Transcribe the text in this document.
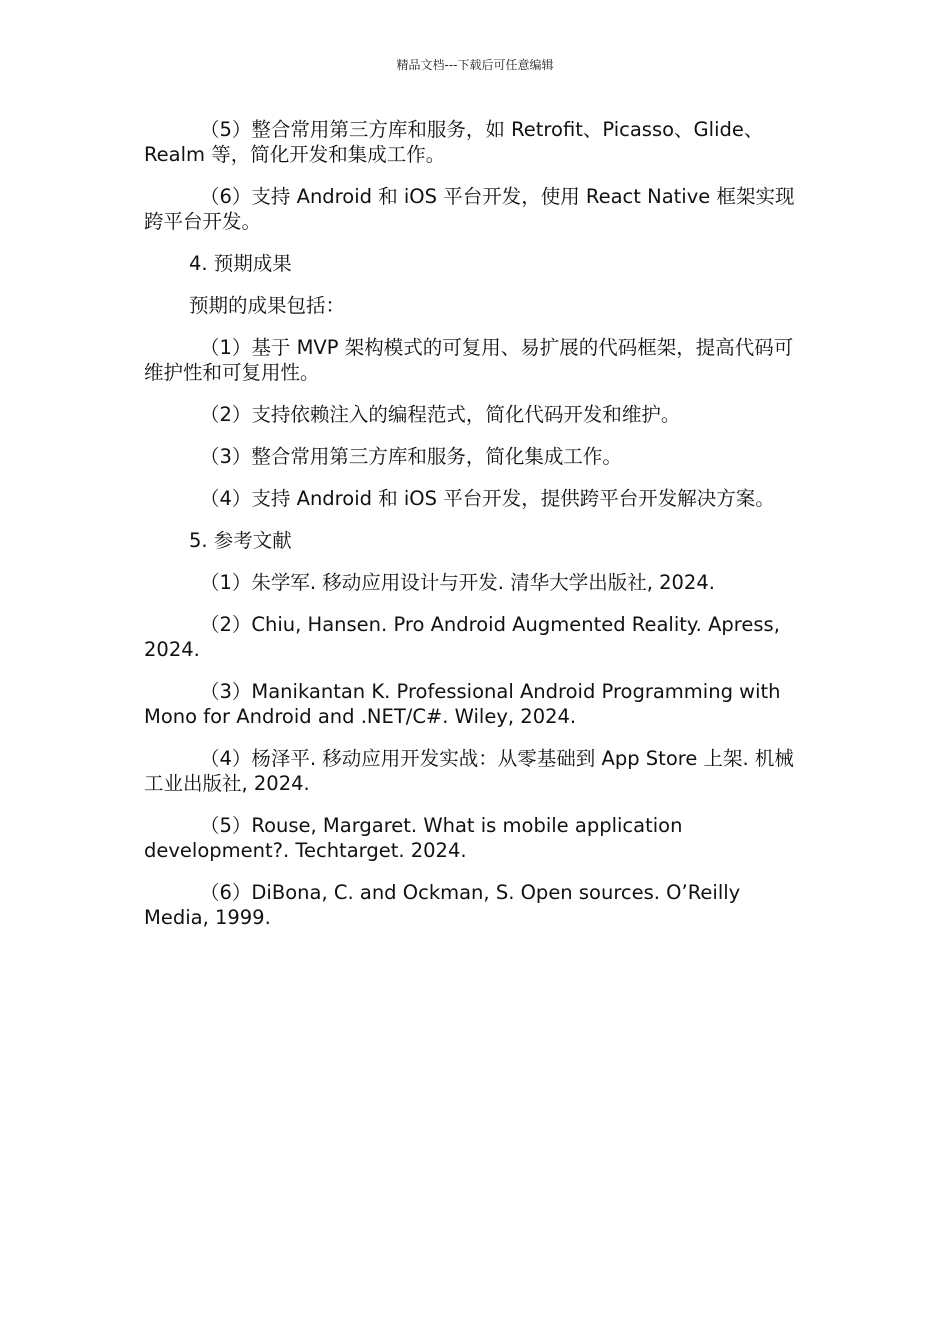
精品文档---下载后可任意编辑

（5）整合常用第三方库和服务，如 Retrofit、Picasso、Glide、Realm 等，简化开发和集成工作。

（6）支持 Android 和 iOS 平台开发，使用 React Native 框架实现跨平台开发。

4. 预期成果

预期的成果包括：

（1）基于 MVP 架构模式的可复用、易扩展的代码框架，提高代码可维护性和可复用性。

（2）支持依赖注入的编程范式，简化代码开发和维护。

（3）整合常用第三方库和服务，简化集成工作。

（4）支持 Android 和 iOS 平台开发，提供跨平台开发解决方案。

5. 参考文献

（1）朱学军. 移动应用设计与开发. 清华大学出版社, 2024.

（2）Chiu, Hansen. Pro Android Augmented Reality. Apress, 2024.

（3）Manikantan K. Professional Android Programming with Mono for Android and .NET/C#. Wiley, 2024.

（4）杨泽平. 移动应用开发实战：从零基础到 App Store 上架. 机械工业出版社, 2024.

（5）Rouse, Margaret. What is mobile application development?. Techtarget. 2024.

（6）DiBona, C. and Ockman, S. Open sources. O’Reilly Media, 1999.
